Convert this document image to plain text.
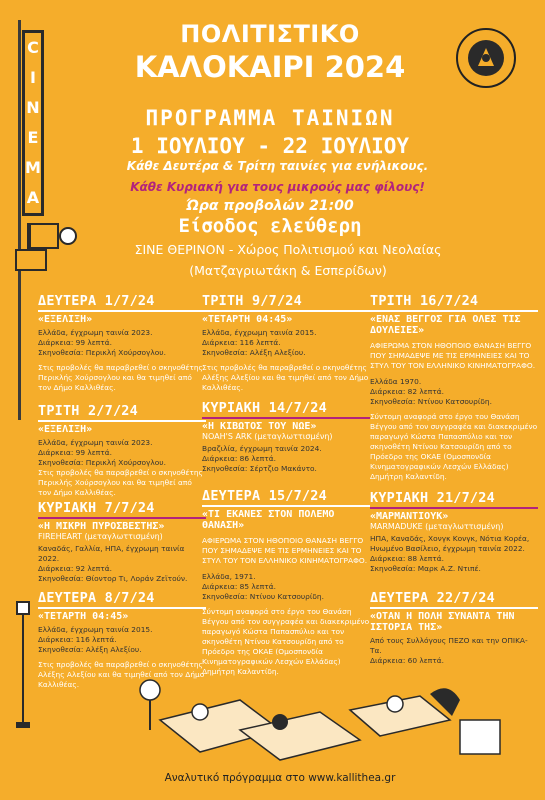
C
I
N
E
M
A
ΠΟΛΙΤΙΣΤΙΚΟ
ΚΑΛΟΚΑΙΡΙ 2024
ΠΡΟΓΡΑΜΜΑ ΤΑΙΝΙΩΝ
1 ΙΟΥΛΙΟΥ - 22 ΙΟΥΛΙΟΥ
Κάθε Δευτέρα & Τρίτη ταινίες για ενήλικους.
Κάθε Κυριακή για τους μικρούς μας φίλους!
Ώρα προβολών 21:00
Είσοδος ελεύθερη
ΣΙΝΕ ΘΕΡΙΝΟΝ - Χώρος Πολιτισμού και Νεολαίας
(Ματζαγριωτάκη & Εσπερίδων)
ΔΕΥΤΕΡΑ 1/7/24
«ΕΞΕΛΙΞΗ»
Ελλάδα, έγχρωμη ταινία 2023.
Διάρκεια: 99 λεπτά.
Σκηνοθεσία: Περικλή Χούρσογλου.
Στις προβολές θα παραβρεθεί ο σκηνοθέτης Περικλής Χούρσογλου και θα τιμηθεί από τον Δήμο Καλλιθέας.
ΤΡΙΤΗ 2/7/24
«ΕΞΕΛΙΞΗ»
Ελλάδα, έγχρωμη ταινία 2023.
Διάρκεια: 99 λεπτά.
Σκηνοθεσία: Περικλή Χούρσογλου.
Στις προβολές θα παραβρεθεί ο σκηνοθέτης Περικλής Χούρσογλου και θα τιμηθεί από τον Δήμο Καλλιθέας.
ΚΥΡΙΑΚΗ 7/7/24
«Η ΜΙΚΡΗ ΠΥΡΟΣΒΕΣΤΗΣ»
FIREHEART (μεταγλωττισμένη)
Καναδάς, Γαλλία, ΗΠΑ, έγχρωμη ταινία 2022.
Διάρκεια: 92 λεπτά.
Σκηνοθεσία: Θίοντορ Τι, Λοράν Ζεϊτούν.
ΔΕΥΤΕΡΑ 8/7/24
«ΤΕΤΑΡΤΗ 04:45»
Ελλάδα, έγχρωμη ταινία 2015.
Διάρκεια: 116 λεπτά.
Σκηνοθεσία: Αλέξη Αλεξίου.
Στις προβολές θα παραβρεθεί ο σκηνοθέτης Αλέξης Αλεξίου και θα τιμηθεί από τον Δήμο Καλλιθέας.
ΤΡΙΤΗ 9/7/24
«ΤΕΤΑΡΤΗ 04:45»
Ελλάδα, έγχρωμη ταινία 2015.
Διάρκεια: 116 λεπτά.
Σκηνοθεσία: Αλέξη Αλεξίου.
Στις προβολές θα παραβρεθεί ο σκηνοθέτης Αλέξης Αλεξίου και θα τιμηθεί από τον Δήμο Καλλιθέας.
ΚΥΡΙΑΚΗ 14/7/24
«Η ΚΙΒΩΤΟΣ ΤΟΥ ΝΩΕ»
NOAH'S ARK (μεταγλωττισμένη)
Βραζιλία, έγχρωμη ταινία 2024.
Διάρκεια: 86 λεπτά.
Σκηνοθεσία: Σέρτζιο Μακάντο.
ΔΕΥΤΕΡΑ 15/7/24
«ΤΙ ΕΚΑΝΕΣ ΣΤΟΝ ΠΟΛΕΜΟ ΘΑΝΑΣΗ»
ΑΦΙΕΡΩΜΑ ΣΤΟΝ ΗΘΟΠΟΙΟ ΘΑΝΑΣΗ ΒΕΓΓΟ ΠΟΥ ΣΗΜΑΔΕΨΕ ΜΕ ΤΙΣ ΕΡΜΗΝΕΙΕΣ ΚΑΙ ΤΟ ΣΤΥΛ ΤΟΥ ΤΟΝ ΕΛΛΗΝΙΚΟ ΚΙΝΗΜΑΤΟΓΡΑΦΟ.
Ελλάδα, 1971.
Διάρκεια: 85 λεπτά.
Σκηνοθεσία: Ντίνου Κατσουρίδη.
Σύντομη αναφορά στο έργο του Θανάση Βέγγου από τον συγγραφέα και διακεκριμένο παραγωγό Κώστα Παπασπύλιο και τον σκηνοθέτη Ντίνου Κατσουρίδη από το Πρόεδρο της ΟΚΑΕ (Ομοσπονδία Κινηματογραφικών Λεσχών Ελλάδας) Δημήτρη Καλαντίδη.
ΤΡΙΤΗ 16/7/24
«ΕΝΑΣ ΒΕΓΓΟΣ ΓΙΑ ΟΛΕΣ ΤΙΣ ΔΟΥΛΕΙΕΣ»
ΑΦΙΕΡΩΜΑ ΣΤΟΝ ΗΘΟΠΟΙΟ ΘΑΝΑΣΗ ΒΕΓΓΟ ΠΟΥ ΣΗΜΑΔΕΨΕ ΜΕ ΤΙΣ ΕΡΜΗΝΕΙΕΣ ΚΑΙ ΤΟ ΣΤΥΛ ΤΟΥ ΤΟΝ ΕΛΛΗΝΙΚΟ ΚΙΝΗΜΑΤΟΓΡΑΦΟ.
Ελλάδα 1970.
Διάρκεια: 82 λεπτά.
Σκηνοθεσία: Ντίνου Κατσουρίδη.
Σύντομη αναφορά στο έργο του Θανάση Βέγγου από τον συγγραφέα και διακεκριμένο παραγωγό Κώστα Παπασπύλιο και τον σκηνοθέτη Ντίνου Κατσουρίδη από το Πρόεδρο της ΟΚΑΕ (Ομοσπονδία Κινηματογραφικών Λεσχών Ελλάδας) Δημήτρη Καλαντίδη.
ΚΥΡΙΑΚΗ 21/7/24
«ΜΑΡΜΑΝΤΙΟΥΚ»
MARMADUKE (μεταγλωττισμένη)
ΗΠΑ, Καναδάς, Χονγκ Κονγκ, Νότια Κορέα, Ηνωμένο Βασίλειο, έγχρωμη ταινία 2022.
Διάρκεια: 88 λεπτά.
Σκηνοθεσία: Μαρκ Α.Ζ. Ντιπέ.
ΔΕΥΤΕΡΑ 22/7/24
«ΟΤΑΝ Η ΠΟΛΗ ΣΥΝΑΝΤΑ ΤΗΝ ΙΣΤΟΡΙΑ ΤΗΣ»
Από τους Συλλόγους ΠΕΖΟ και την ΟΠΙΚΑ-Τα.
Διάρκεια: 60 λεπτά.
Αναλυτικό πρόγραμμα στο www.kallithea.gr
